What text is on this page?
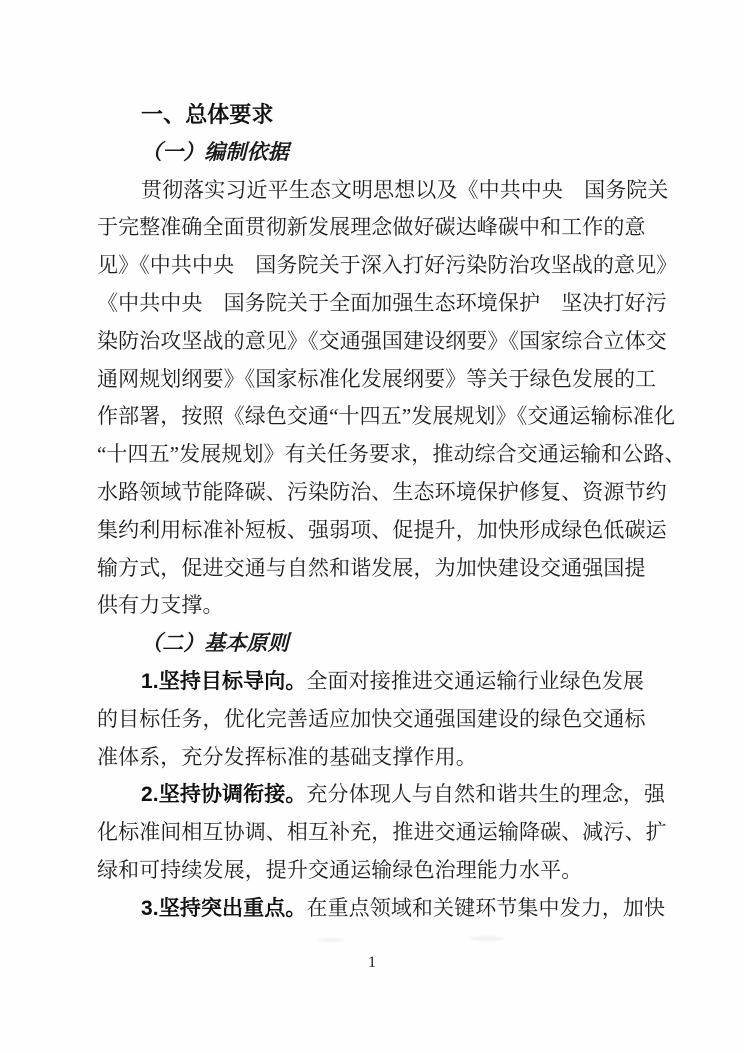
一、总体要求
（一）编制依据
贯彻落实习近平生态文明思想以及《中共中央　国务院关
于完整准确全面贯彻新发展理念做好碳达峰碳中和工作的意
见》《中共中央　国务院关于深入打好污染防治攻坚战的意见》
《中共中央　国务院关于全面加强生态环境保护　坚决打好污
染防治攻坚战的意见》《交通强国建设纲要》《国家综合立体交
通网规划纲要》《国家标准化发展纲要》等关于绿色发展的工
作部署，按照《绿色交通“十四五”发展规划》《交通运输标准化
“十四五”发展规划》有关任务要求，推动综合交通运输和公路、
水路领域节能降碳、污染防治、生态环境保护修复、资源节约
集约利用标准补短板、强弱项、促提升，加快形成绿色低碳运
输方式，促进交通与自然和谐发展，为加快建设交通强国提
供有力支撑。
（二）基本原则
1.坚持目标导向。全面对接推进交通运输行业绿色发展
的目标任务，优化完善适应加快交通强国建设的绿色交通标
准体系，充分发挥标准的基础支撑作用。
2.坚持协调衔接。充分体现人与自然和谐共生的理念，强
化标准间相互协调、相互补充，推进交通运输降碳、减污、扩
绿和可持续发展，提升交通运输绿色治理能力水平。
3.坚持突出重点。在重点领域和关键环节集中发力，加快
1
